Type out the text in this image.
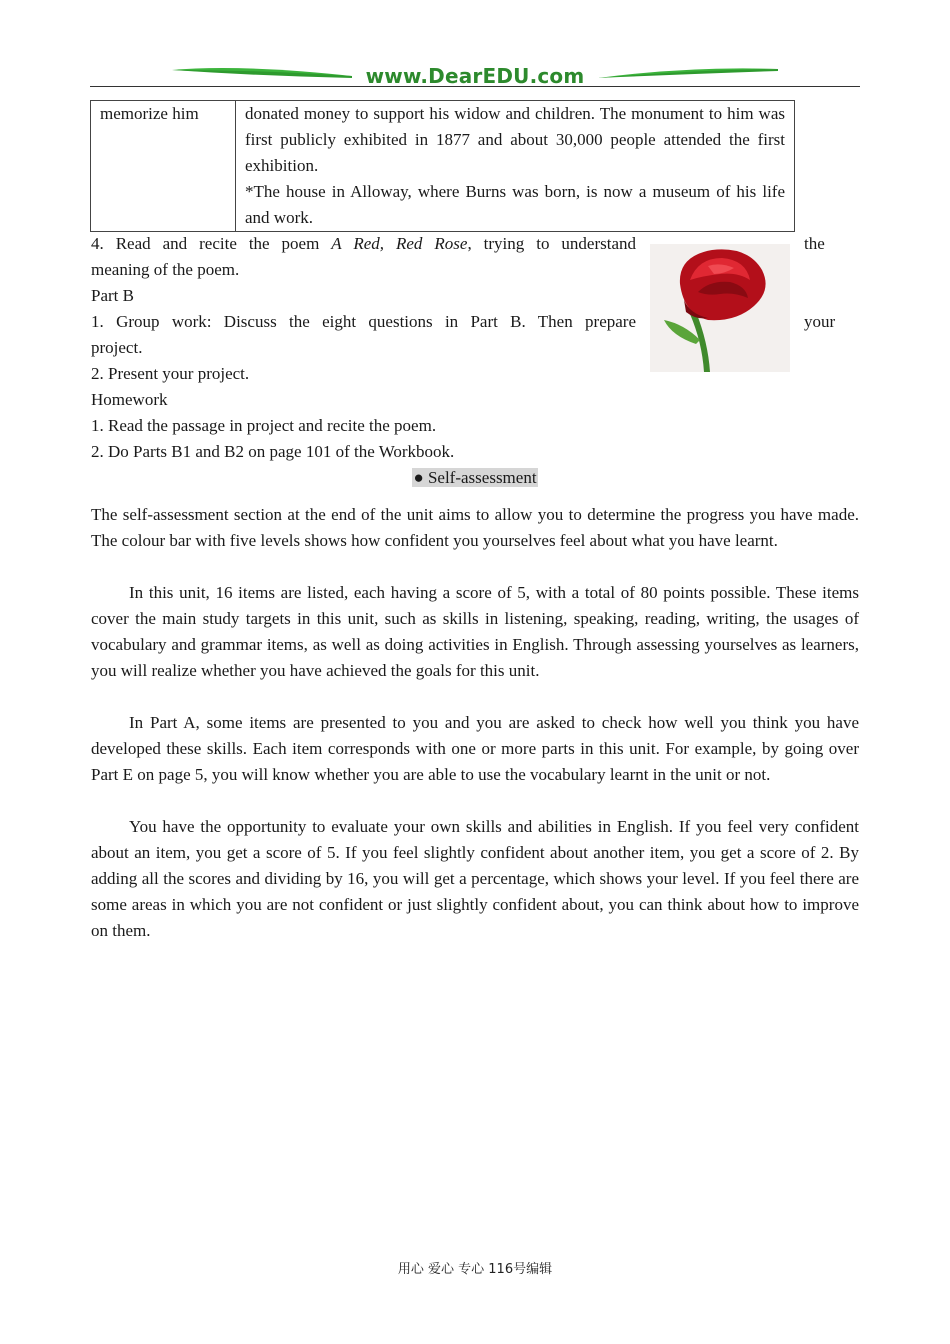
www.DearEDU.com
memorize him	donated money to support his widow and children. The monument to him was first publicly exhibited in 1877 and about 30,000 people attended the first exhibition.
*The house in Alloway, where Burns was born, is now a museum of his life and work.
4. Read and recite the poem A Red, Red Rose, trying to understand	the
meaning of the poem.
Part B
1. Group work: Discuss the eight questions in Part B. Then prepare	your
project.
2. Present your project.
Homework
1. Read the passage in project and recite the poem.
2. Do Parts B1 and B2 on page 101 of the Workbook.
● Self-assessment
The self-assessment section at the end of the unit aims to allow you to determine the progress you have made. The colour bar with five levels shows how confident you yourselves feel about what you have learnt.
In this unit, 16 items are listed, each having a score of 5, with a total of 80 points possible. These items cover the main study targets in this unit, such as skills in listening, speaking, reading, writing, the usages of vocabulary and grammar items, as well as doing activities in English. Through assessing yourselves as learners, you will realize whether you have achieved the goals for this unit.
In Part A, some items are presented to you and you are asked to check how well you think you have developed these skills. Each item corresponds with one or more parts in this unit. For example, by going over Part E on page 5, you will know whether you are able to use the vocabulary learnt in the unit or not.
You have the opportunity to evaluate your own skills and abilities in English. If you feel very confident about an item, you get a score of 5. If you feel slightly confident about another item, you get a score of 2. By adding all the scores and dividing by 16, you will get a percentage, which shows your level. If you feel there are some areas in which you are not confident or just slightly confident about, you can think about how to improve on them.
用心 爱心 专心 116号编辑
